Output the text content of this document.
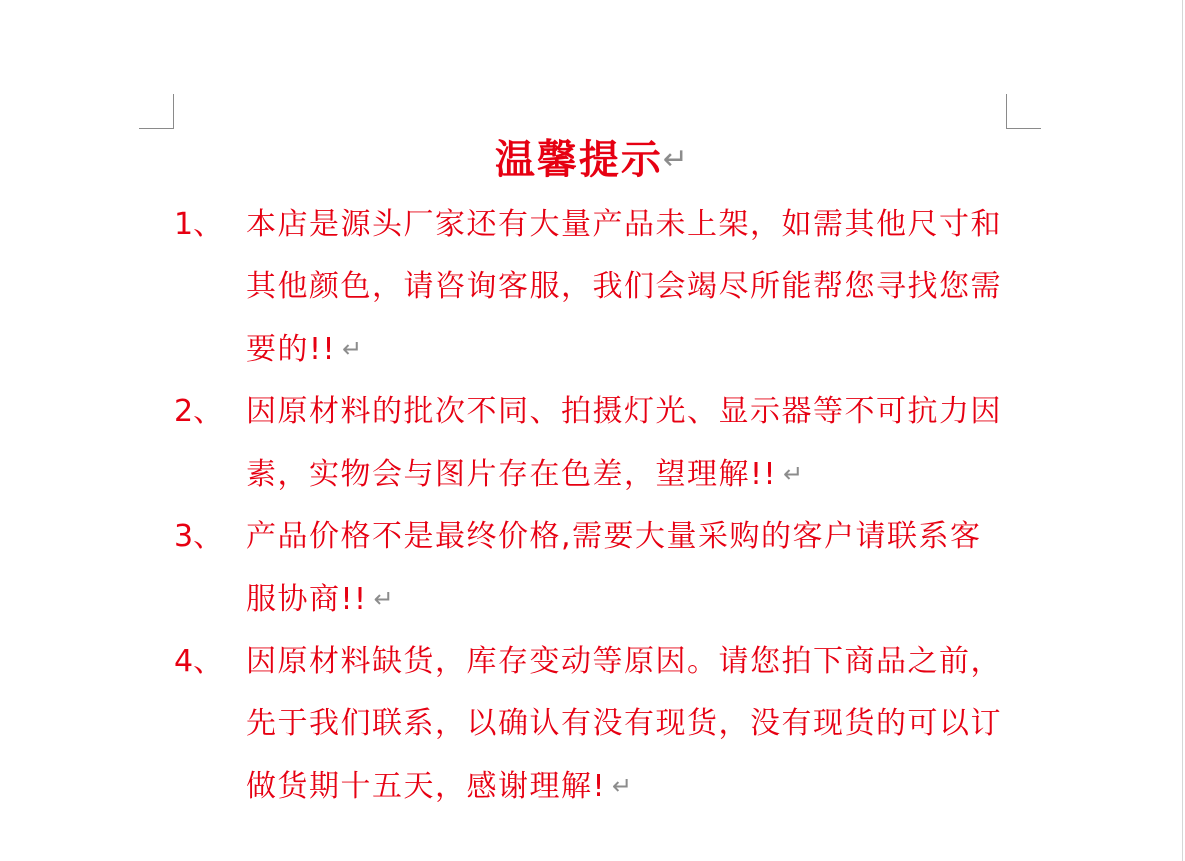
温馨提示↵
1、 本店是源头厂家还有大量产品未上架，如需其他尺寸和其他颜色，请咨询客服，我们会竭尽所能帮您寻找您需要的!! ↵
2、 因原材料的批次不同、拍摄灯光、显示器等不可抗力因素，实物会与图片存在色差，望理解!! ↵
3、 产品价格不是最终价格,需要大量采购的客户请联系客服协商!! ↵
4、 因原材料缺货，库存变动等原因。请您拍下商品之前，先于我们联系，以确认有没有现货，没有现货的可以订做货期十五天，感谢理解! ↵
